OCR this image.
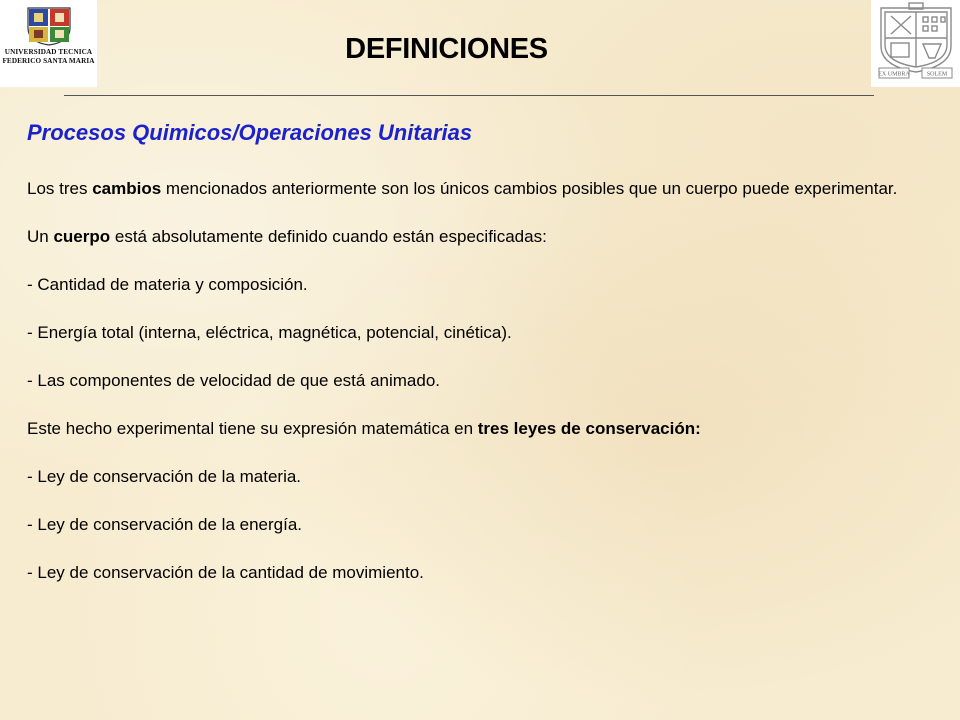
UNIVERSIDAD TECNICA
FEDERICO SANTA MARIA
EX UMBRA	SOLEM
DEFINICIONES
Procesos Quimicos/Operaciones Unitarias

Los tres cambios mencionados anteriormente son los únicos cambios posibles que un cuerpo puede experimentar.

Un cuerpo está absolutamente definido cuando están especificadas:

- Cantidad de materia y composición.

- Energía total (interna, eléctrica, magnética, potencial, cinética).

- Las componentes de velocidad de que está animado.

Este hecho experimental tiene su expresión matemática en tres leyes de conservación:

- Ley de conservación de la materia.

- Ley de conservación de la energía.

- Ley de conservación de la cantidad de movimiento.
